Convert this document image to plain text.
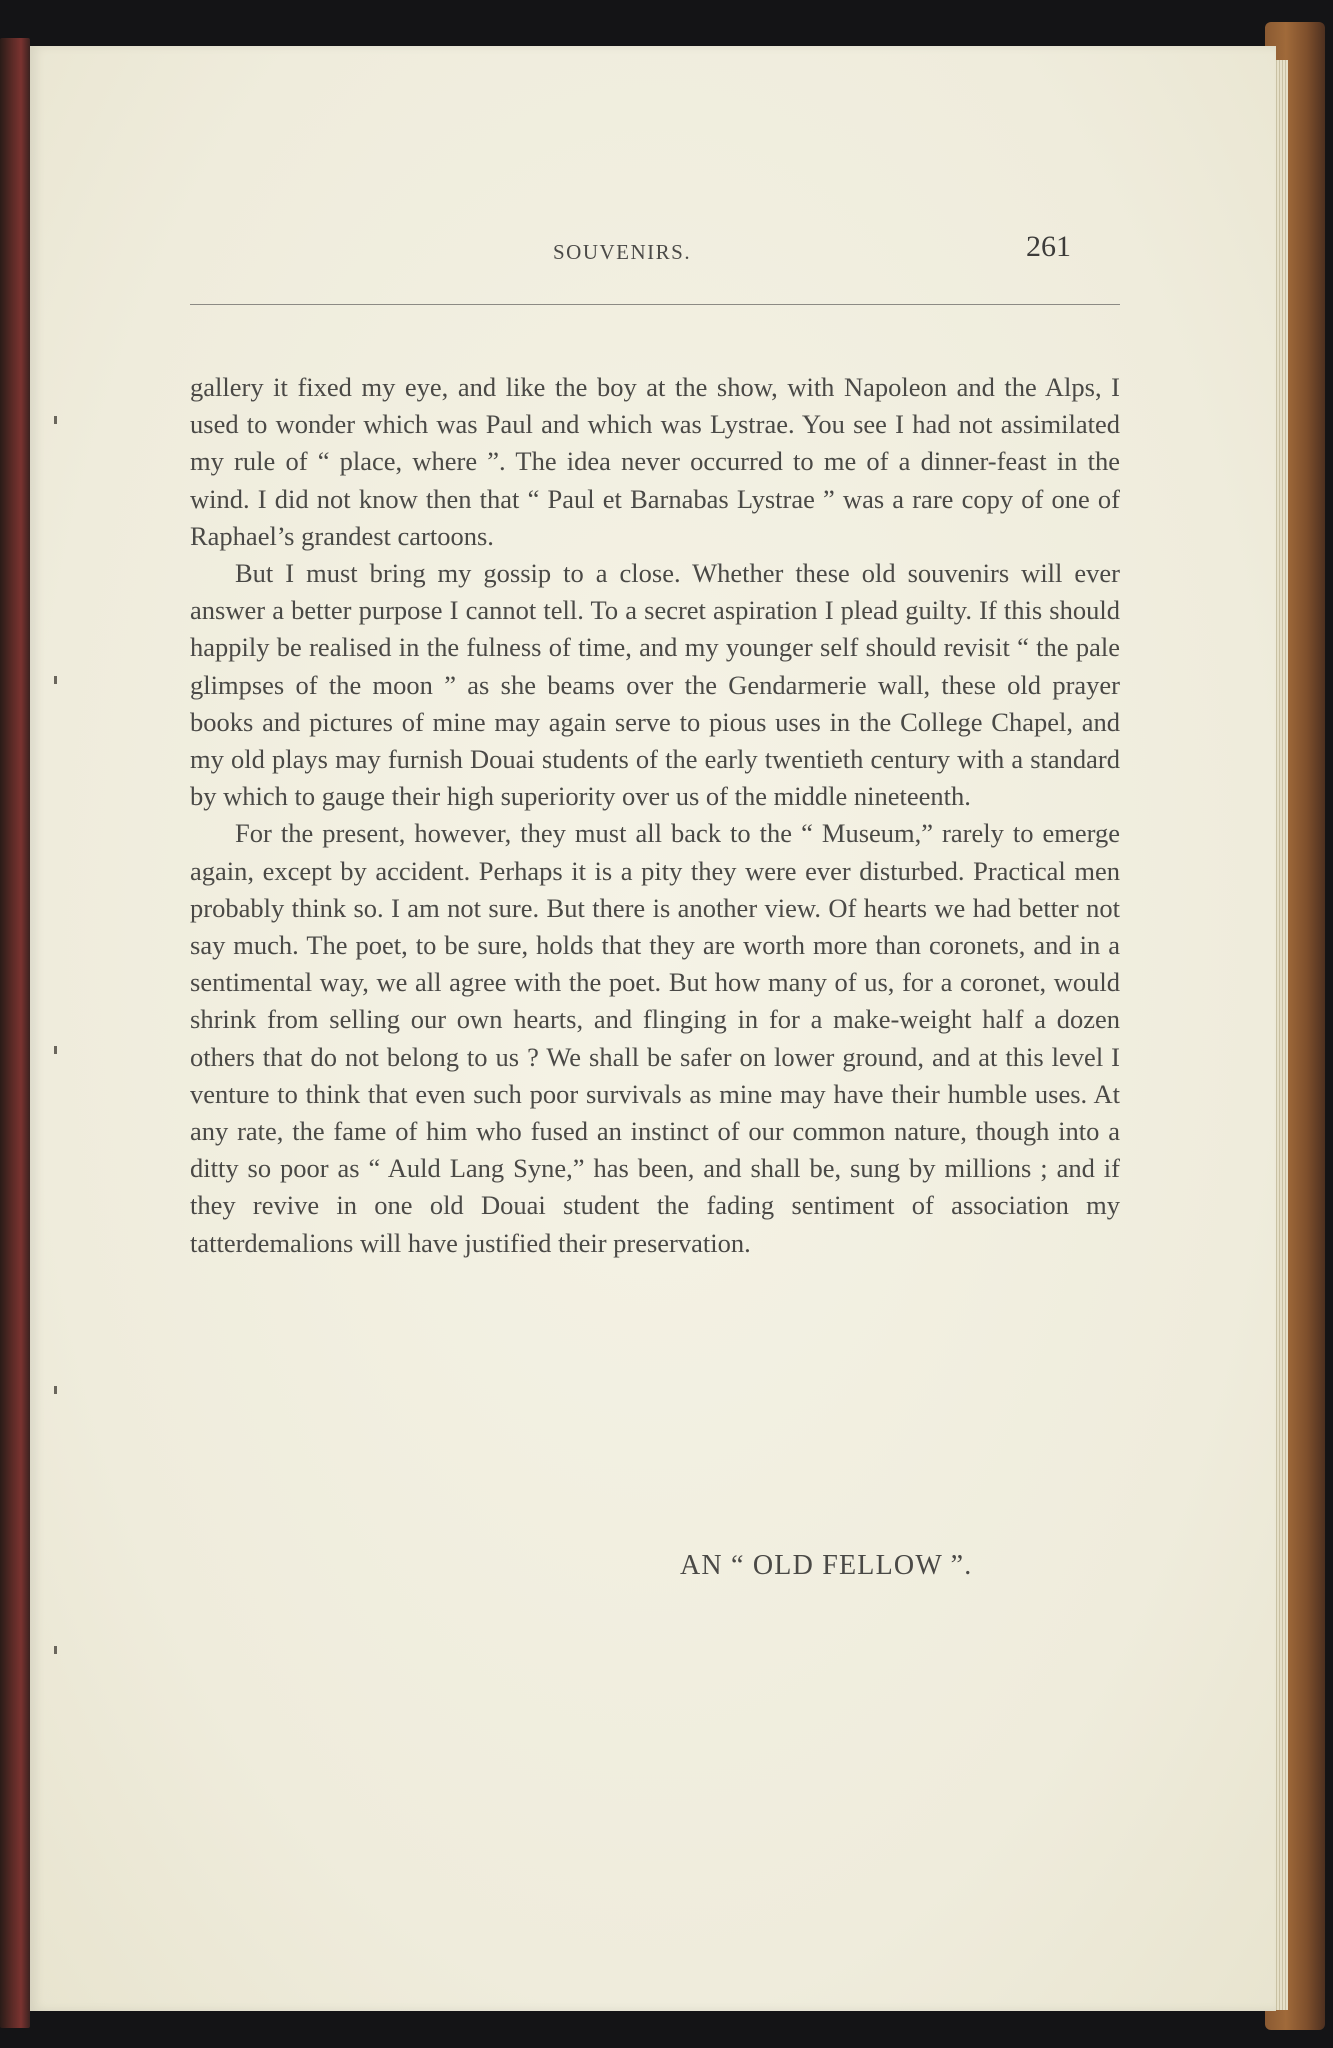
SOUVENIRS.	261

gallery it fixed my eye, and like the boy at the show, with Napoleon and the Alps, I used to wonder which was Paul and which was Lystrae. You see I had not assimilated my rule of “ place, where ”. The idea never occurred to me of a dinner-feast in the wind. I did not know then that “ Paul et Barnabas Lystrae ” was a rare copy of one of Raphael’s grandest cartoons.

But I must bring my gossip to a close. Whether these old souvenirs will ever answer a better purpose I cannot tell. To a secret aspiration I plead guilty. If this should happily be realised in the fulness of time, and my younger self should revisit “ the pale glimpses of the moon ” as she beams over the Gendarmerie wall, these old prayer books and pictures of mine may again serve to pious uses in the College Chapel, and my old plays may furnish Douai students of the early twentieth century with a standard by which to gauge their high superiority over us of the middle nineteenth.

For the present, however, they must all back to the “ Museum,” rarely to emerge again, except by accident. Perhaps it is a pity they were ever disturbed. Practical men probably think so. I am not sure. But there is another view. Of hearts we had better not say much. The poet, to be sure, holds that they are worth more than coronets, and in a sentimental way, we all agree with the poet. But how many of us, for a coronet, would shrink from selling our own hearts, and flinging in for a make-weight half a dozen others that do not belong to us ? We shall be safer on lower ground, and at this level I venture to think that even such poor survivals as mine may have their humble uses. At any rate, the fame of him who fused an instinct of our common nature, though into a ditty so poor as “ Auld Lang Syne,” has been, and shall be, sung by millions ; and if they revive in one old Douai student the fading sentiment of association my tatterdemalions will have justified their preservation.

AN “ OLD FELLOW ”.
